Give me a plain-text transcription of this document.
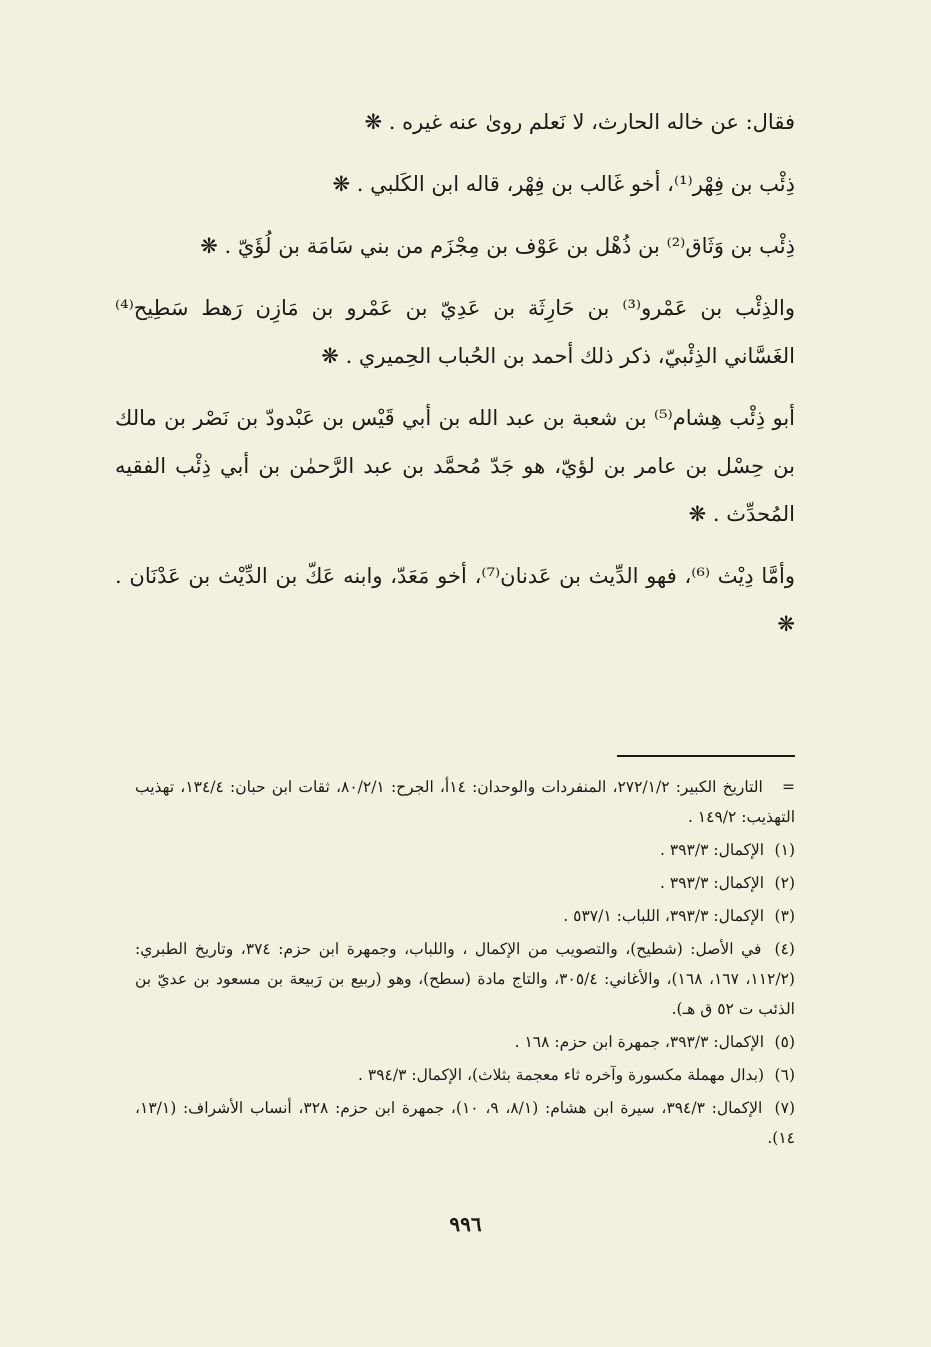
فقال: عن خاله الحارث، لا نَعلم روىٰ عنه غيره . ❋

ذِئْب بن فِهْر⁽¹⁾، أخو غَالب بن فِهْر، قاله ابن الكَلبي . ❋

ذِئْب بن وَثَاق⁽²⁾ بن ذُهْل بن عَوْف بن مِجْزَم من بني سَامَة بن لُؤَيّ . ❋

والذِئْب بن عَمْرو⁽³⁾ بن حَارِثَة بن عَدِيّ بن عَمْرو بن مَازِن رَهط سَطِيح⁽⁴⁾ الغَسَّاني الذِئْبيّ، ذكر ذلك أحمد بن الحُباب الحِميري . ❋

أبو ذِئْب هِشام⁽⁵⁾ بن شعبة بن عبد الله بن أبي قَيْس بن عَبْدودّ بن نَصْر بن مالك بن حِسْل بن عامر بن لؤيّ، هو جَدّ مُحمَّد بن عبد الرَّحمٰن بن أبي ذِئْب الفقيه المُحدِّث . ❋

وأمَّا دِيْث ⁽⁶⁾، فهو الدِّيث بن عَدنان⁽⁷⁾، أخو مَعَدّ، وابنه عَكّ بن الدِّيْث بن عَدْنَان . ❋

= التاريخ الكبير: ٢٧٢/١/٢، المنفردات والوحدان: ١٤أ، الجرح: ٨٠/٢/١، ثقات ابن حبان: ١٣٤/٤، تهذيب التهذيب: ١٤٩/٢ .

(١) الإكمال: ٣٩٣/٣ .

(٢) الإكمال: ٣٩٣/٣ .

(٣) الإكمال: ٣٩٣/٣، اللباب: ٥٣٧/١ .

(٤) في الأصل: (شطيح)، والتصويب من الإكمال ، واللباب، وجمهرة ابن حزم: ٣٧٤، وتاريخ الطبري: (١١٢/٢، ١٦٧، ١٦٨)، والأغاني: ٣٠٥/٤، والتاج مادة (سطح)، وهو (ربيع بن رَبيعة بن مسعود بن عديّ بن الذئب ت ٥٢ ق هـ).

(٥) الإكمال: ٣٩٣/٣، جمهرة ابن حزم: ١٦٨ .

(٦) (بدال مهملة مكسورة وآخره ثاء معجمة بثلاث)، الإكمال: ٣٩٤/٣ .

(٧) الإكمال: ٣٩٤/٣، سيرة ابن هشام: (٨/١، ٩، ١٠)، جمهرة ابن حزم: ٣٢٨، أنساب الأشراف: (١٣/١، ١٤).

٩٩٦
